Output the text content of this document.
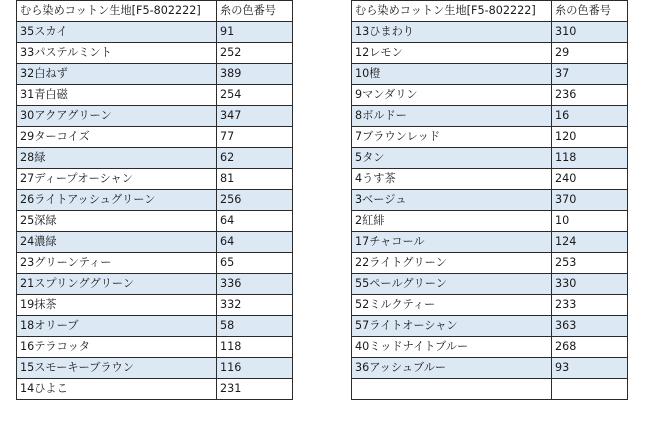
むら染めコットン生地[F5-802222]	糸の色番号
35スカイ	91
33パステルミント	252
32白ねず	389
31青白磁	254
30アクアグリーン	347
29ターコイズ	77
28緑	62
27ディープオーシャン	81
26ライトアッシュグリーン	256
25深緑	64
24濃緑	64
23グリーンティー	65
21スプリンググリーン	336
19抹茶	332
18オリーブ	58
16テラコッタ	118
15スモーキーブラウン	116
14ひよこ	231
むら染めコットン生地[F5-802222]	糸の色番号
13ひまわり	310
12レモン	29
10橙	37
9マンダリン	236
8ボルドー	16
7ブラウンレッド	120
5タン	118
4うす茶	240
3ベージュ	370
2紅緋	10
17チャコール	124
22ライトグリーン	253
55ペールグリーン	330
52ミルクティー	233
57ライトオーシャン	363
40ミッドナイトブルー	268
36アッシュブルー	93
